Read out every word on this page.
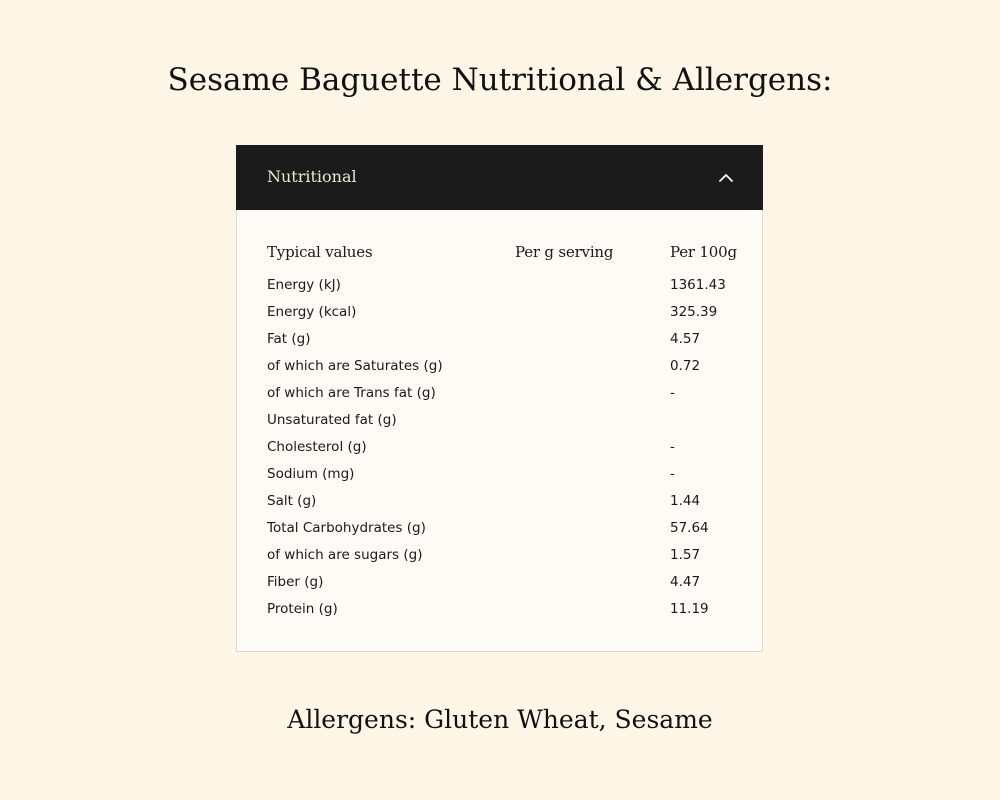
Sesame Baguette Nutritional & Allergens:
Nutritional
Typical values	Per g serving	Per 100g
Energy (kJ)		1361.43
Energy (kcal)		325.39
Fat (g)		4.57
of which are Saturates (g)		0.72
of which are Trans fat (g)		-
Unsaturated fat (g)		
Cholesterol (g)		-
Sodium (mg)		-
Salt (g)		1.44
Total Carbohydrates (g)		57.64
of which are sugars (g)		1.57
Fiber (g)		4.47
Protein (g)		11.19
Allergens: Gluten Wheat, Sesame
